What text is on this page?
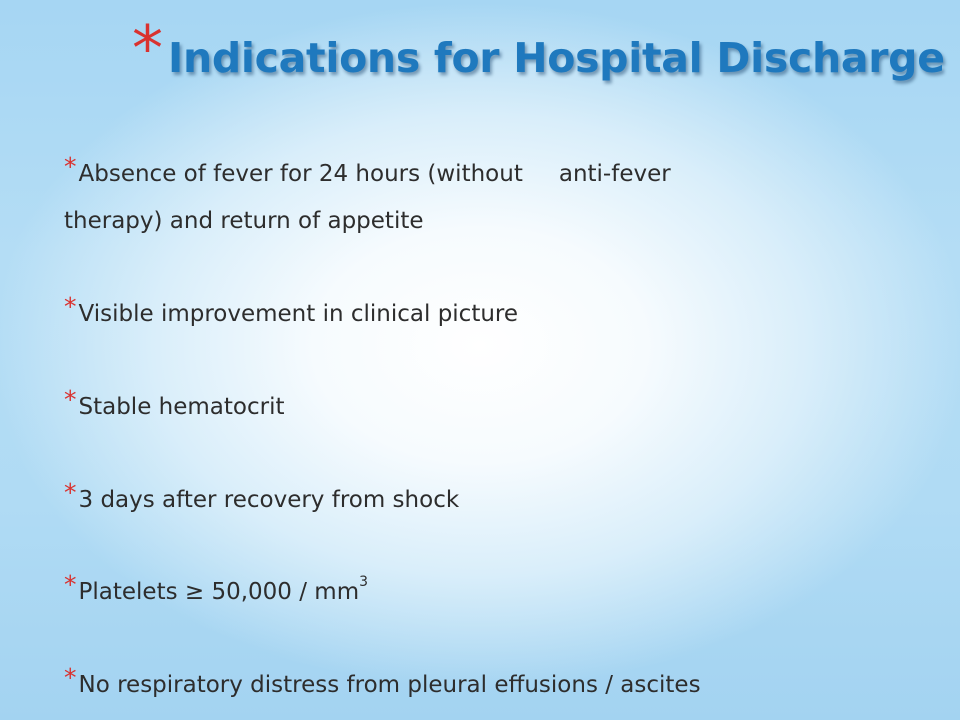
* Indications for Hospital Discharge
*Absence of fever for 24 hours (without anti-fever
therapy) and return of appetite
*Visible improvement in clinical picture
*Stable hematocrit
*3 days after recovery from shock
*Platelets ≥ $50,000 / mm^3$
*No respiratory distress from pleural effusions / ascites
